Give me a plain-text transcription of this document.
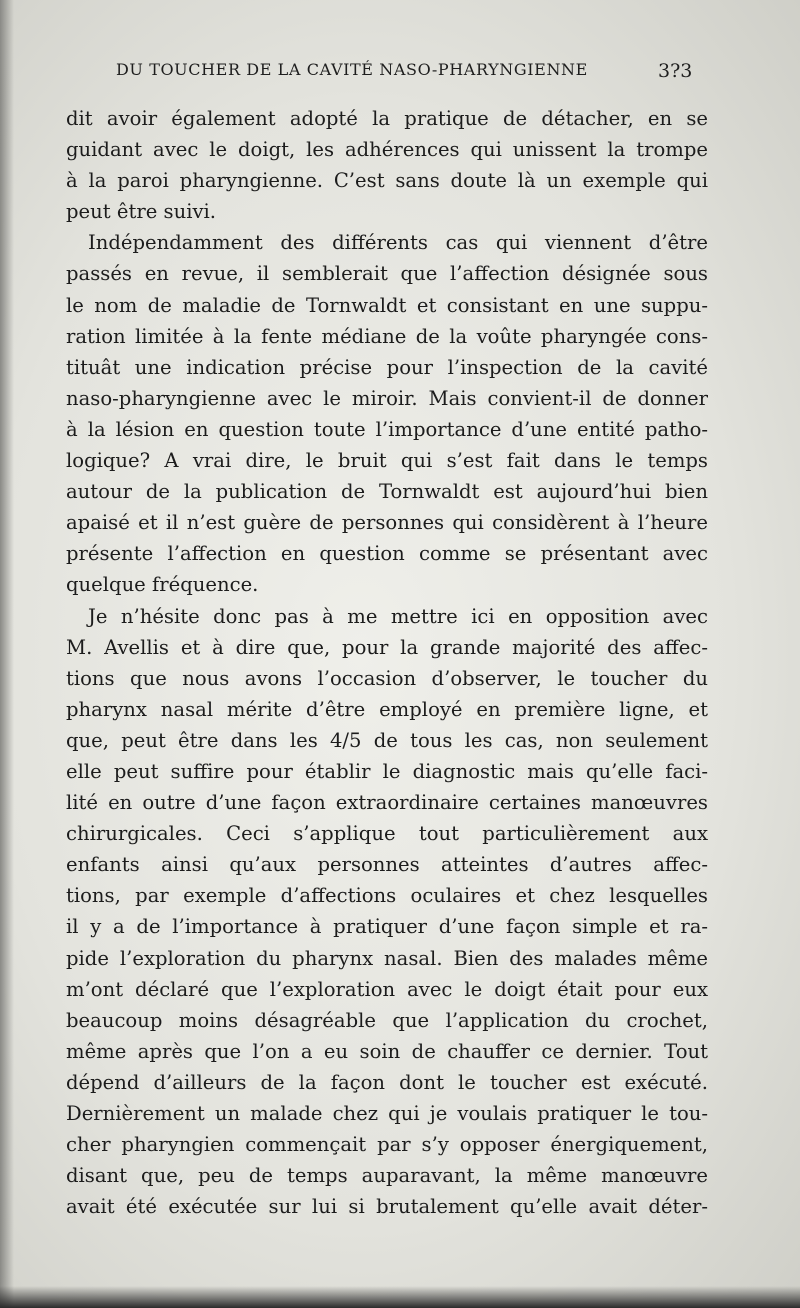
DU TOUCHER DE LA CAVITÉ NASO-PHARYNGIENNE	3?3
dit avoir également adopté la pratique de détacher, en se
guidant avec le doigt, les adhérences qui unissent la trompe
à la paroi pharyngienne. C’est sans doute là un exemple qui
peut être suivi.
Indépendamment des différents cas qui viennent d’être
passés en revue, il semblerait que l’affection désignée sous
le nom de maladie de Tornwaldt et consistant en une suppu-
ration limitée à la fente médiane de la voûte pharyngée cons-
tituât une indication précise pour l’inspection de la cavité
naso-pharyngienne avec le miroir. Mais convient-il de donner
à la lésion en question toute l’importance d’une entité patho-
logique? A vrai dire, le bruit qui s’est fait dans le temps
autour de la publication de Tornwaldt est aujourd’hui bien
apaisé et il n’est guère de personnes qui considèrent à l’heure
présente l’affection en question comme se présentant avec
quelque fréquence.
Je n’hésite donc pas à me mettre ici en opposition avec
M. Avellis et à dire que, pour la grande majorité des affec-
tions que nous avons l’occasion d’observer, le toucher du
pharynx nasal mérite d’être employé en première ligne, et
que, peut être dans les 4/5 de tous les cas, non seulement
elle peut suffire pour établir le diagnostic mais qu’elle faci-
lité en outre d’une façon extraordinaire certaines manœuvres
chirurgicales. Ceci s’applique tout particulièrement aux
enfants ainsi qu’aux personnes atteintes d’autres affec-
tions, par exemple d’affections oculaires et chez lesquelles
il y a de l’importance à pratiquer d’une façon simple et ra-
pide l’exploration du pharynx nasal. Bien des malades même
m’ont déclaré que l’exploration avec le doigt était pour eux
beaucoup moins désagréable que l’application du crochet,
même après que l’on a eu soin de chauffer ce dernier. Tout
dépend d’ailleurs de la façon dont le toucher est exécuté.
Dernièrement un malade chez qui je voulais pratiquer le tou-
cher pharyngien commençait par s’y opposer énergiquement,
disant que, peu de temps auparavant, la même manœuvre
avait été exécutée sur lui si brutalement qu’elle avait déter-
